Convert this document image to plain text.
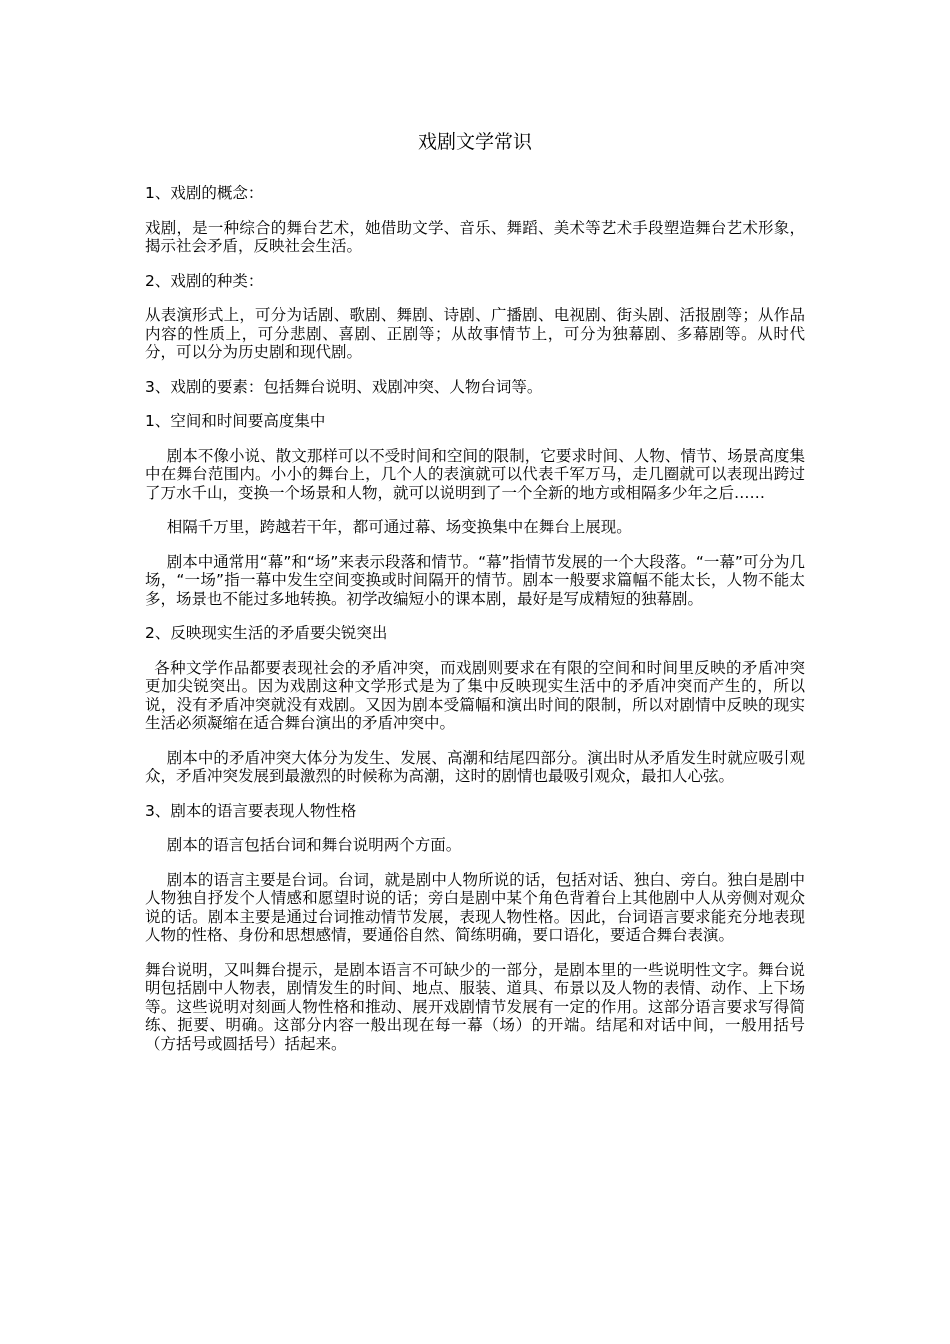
戏剧文学常识

1、戏剧的概念：

戏剧，是一种综合的舞台艺术，她借助文学、音乐、舞蹈、美术等艺术手段塑造舞台艺术形象，揭示社会矛盾，反映社会生活。

2、戏剧的种类：

从表演形式上，可分为话剧、歌剧、舞剧、诗剧、广播剧、电视剧、街头剧、活报剧等；从作品内容的性质上，可分悲剧、喜剧、正剧等；从故事情节上，可分为独幕剧、多幕剧等。从时代分，可以分为历史剧和现代剧。

3、戏剧的要素：包括舞台说明、戏剧冲突、人物台词等。

1、空间和时间要高度集中

剧本不像小说、散文那样可以不受时间和空间的限制，它要求时间、人物、情节、场景高度集中在舞台范围内。小小的舞台上，几个人的表演就可以代表千军万马，走几圈就可以表现出跨过了万水千山，变换一个场景和人物，就可以说明到了一个全新的地方或相隔多少年之后……

相隔千万里，跨越若干年，都可通过幕、场变换集中在舞台上展现。

剧本中通常用“幕”和“场”来表示段落和情节。“幕”指情节发展的一个大段落。“一幕”可分为几场，“一场”指一幕中发生空间变换或时间隔开的情节。剧本一般要求篇幅不能太长，人物不能太多，场景也不能过多地转换。初学改编短小的课本剧，最好是写成精短的独幕剧。

2、反映现实生活的矛盾要尖锐突出

各种文学作品都要表现社会的矛盾冲突，而戏剧则要求在有限的空间和时间里反映的矛盾冲突更加尖锐突出。因为戏剧这种文学形式是为了集中反映现实生活中的矛盾冲突而产生的，所以说，没有矛盾冲突就没有戏剧。又因为剧本受篇幅和演出时间的限制，所以对剧情中反映的现实生活必须凝缩在适合舞台演出的矛盾冲突中。

剧本中的矛盾冲突大体分为发生、发展、高潮和结尾四部分。演出时从矛盾发生时就应吸引观众，矛盾冲突发展到最激烈的时候称为高潮，这时的剧情也最吸引观众，最扣人心弦。

3、剧本的语言要表现人物性格

剧本的语言包括台词和舞台说明两个方面。

剧本的语言主要是台词。台词，就是剧中人物所说的话，包括对话、独白、旁白。独白是剧中人物独自抒发个人情感和愿望时说的话；旁白是剧中某个角色背着台上其他剧中人从旁侧对观众说的话。剧本主要是通过台词推动情节发展，表现人物性格。因此，台词语言要求能充分地表现人物的性格、身份和思想感情，要通俗自然、简练明确，要口语化，要适合舞台表演。

舞台说明，又叫舞台提示，是剧本语言不可缺少的一部分，是剧本里的一些说明性文字。舞台说明包括剧中人物表，剧情发生的时间、地点、服装、道具、布景以及人物的表情、动作、上下场等。这些说明对刻画人物性格和推动、展开戏剧情节发展有一定的作用。这部分语言要求写得简练、扼要、明确。这部分内容一般出现在每一幕（场）的开端。结尾和对话中间，一般用括号（方括号或圆括号）括起来。
